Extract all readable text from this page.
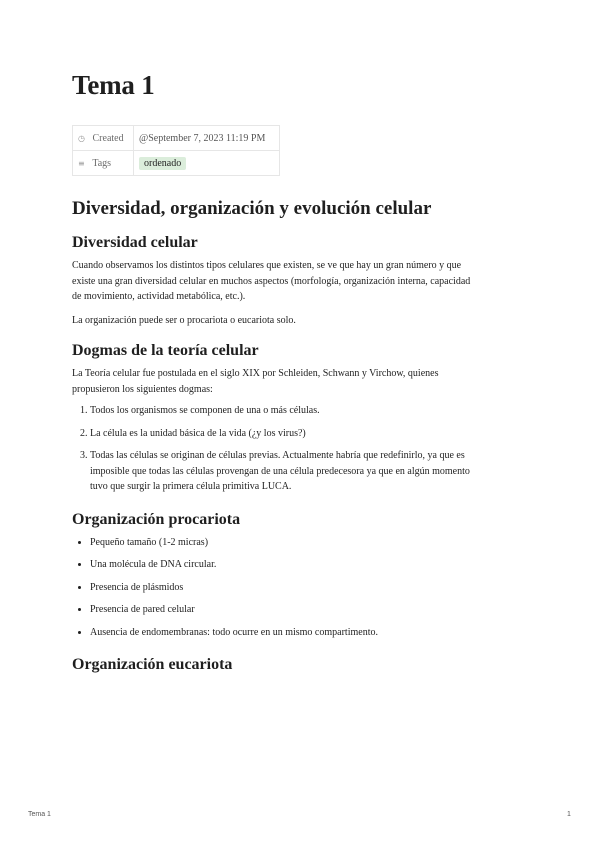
Tema 1
◷ Created	@September 7, 2023 11:19 PM
≡ Tags	ordenado
Diversidad, organización y evolución celular
Diversidad celular

Cuando observamos los distintos tipos celulares que existen, se ve que hay un gran número y que existe una gran diversidad celular en muchos aspectos (morfología, organización interna, capacidad de movimiento, actividad metabólica, etc.).

La organización puede ser o procariota o eucariota solo.

Dogmas de la teoría celular

La Teoría celular fue postulada en el siglo XIX por Schleiden, Schwann y Virchow, quienes propusieron los siguientes dogmas:

1. Todos los organismos se componen de una o más células.
2. La célula es la unidad básica de la vida (¿y los virus?)
3. Todas las células se originan de células previas. Actualmente habría que redefinirlo, ya que es imposible que todas las células provengan de una célula predecesora ya que en algún momento tuvo que surgir la primera célula primitiva LUCA.
Organización procariota
• Pequeño tamaño (1-2 micras)
• Una molécula de DNA circular.
• Presencia de plásmidos
• Presencia de pared celular
• Ausencia de endomembranas: todo ocurre en un mismo compartimento.
Organización eucariota
Tema 1	1
